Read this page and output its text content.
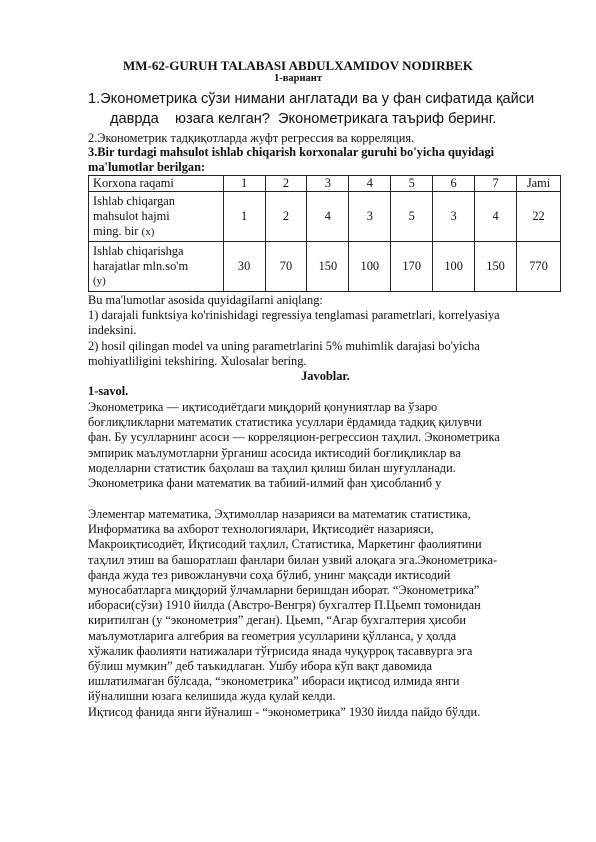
MM-62-GURUH TALABASI ABDULXAMIDOV NODIRBEK
1-вариант
1.Эконометрика сўзи нимани англатади ва у фан сифатида қайси
даврда    юзага келган?  Эконометрикага таъриф беринг.
2.Эконометрик тадқиқотларда жуфт регрессия ва корреляция.
3.Bir turdagi mahsulot ishlab chiqarish korxonalar guruhi bo'yicha quyidagi
ma'lumotlar berilgan:
Korxona raqami	1	2	3	4	5	6	7	Jami

Ishlab chiqargan
mahsulot hajmi
ming. bir (x)	1	2	4	3	5	3	4	22

Ishlab chiqarishga
harajatlar mln.so'm
(y)	30	70	150	100	170	100	150	770
Bu ma'lumotlar asosida quyidagilarni aniqlang:
1) darajali funktsiya ko'rinishidagi regressiya tenglamasi parametrlari, korrelyasiya
indeksini.
2) hosil qilingan model va uning parametrlarini 5% muhimlik darajasi bo'yicha
mohiyatliligini tekshiring. Xulosalar bering.
Javoblar.
1-savol.
Эконометрика — иқтисодиётдаги миқдорий қонуниятлар ва ўзаро
боғлиқликларни математик статистика усуллари ёрдамида тадқиқ қилувчи
фан. Бу усулларнинг асоси — корреляцион-регрессион таҳлил. Эконометрика
эмпирик маълумотларни ўрганиш асосида иктисодий боғлиқликлар ва
моделларни статистик баҳолаш ва таҳлил қилиш билан шуғулланади.
Эконометрика фани математик ва табиий-илмий фан ҳисобланиб у
Элементар математика, Эҳтимоллар назарияси ва математик статистика,
Информатика ва ахборот технологиялари, Иқтисодиёт назарияси,
Макроиқтисодиёт, Иқтисодий таҳлил, Статистика, Маркетинг фаолиятини
таҳлил этиш ва башоратлаш фанлари билан узвий алоқага эга.Эконометрика-
фанда жуда тез ривожланувчи соҳа бўлиб, унинг мақсади иктисодий
муносабатларга миқдорий ўлчамларни беришдан иборат. “Эконометрика”
ибораси(сўзи) 1910 йилда (Австро-Венгря) бухгалтер П.Цьемп томонидан
киритилган (у “эконометрия” деган). Цьемп, “Агар бухгалтерия ҳисоби
маълумотларига алгебрия ва геометрия усулларини қўлланса, у ҳолда
хўжалик фаолияти натижалари тўғрисида янада чуқурроқ тасаввурга эга
бўлиш мумкин” деб таъкидлаган. Ушбу ибора кўп вақт давомида
ишлатилмаган бўлсада, “эконометрика” ибораси иқтисод илмида янги
йўналишни юзага келишида жуда қулай келди.
Иқтисод фанида янги йўналиш - “эконометрика” 1930 йилда пайдо бўлди.
